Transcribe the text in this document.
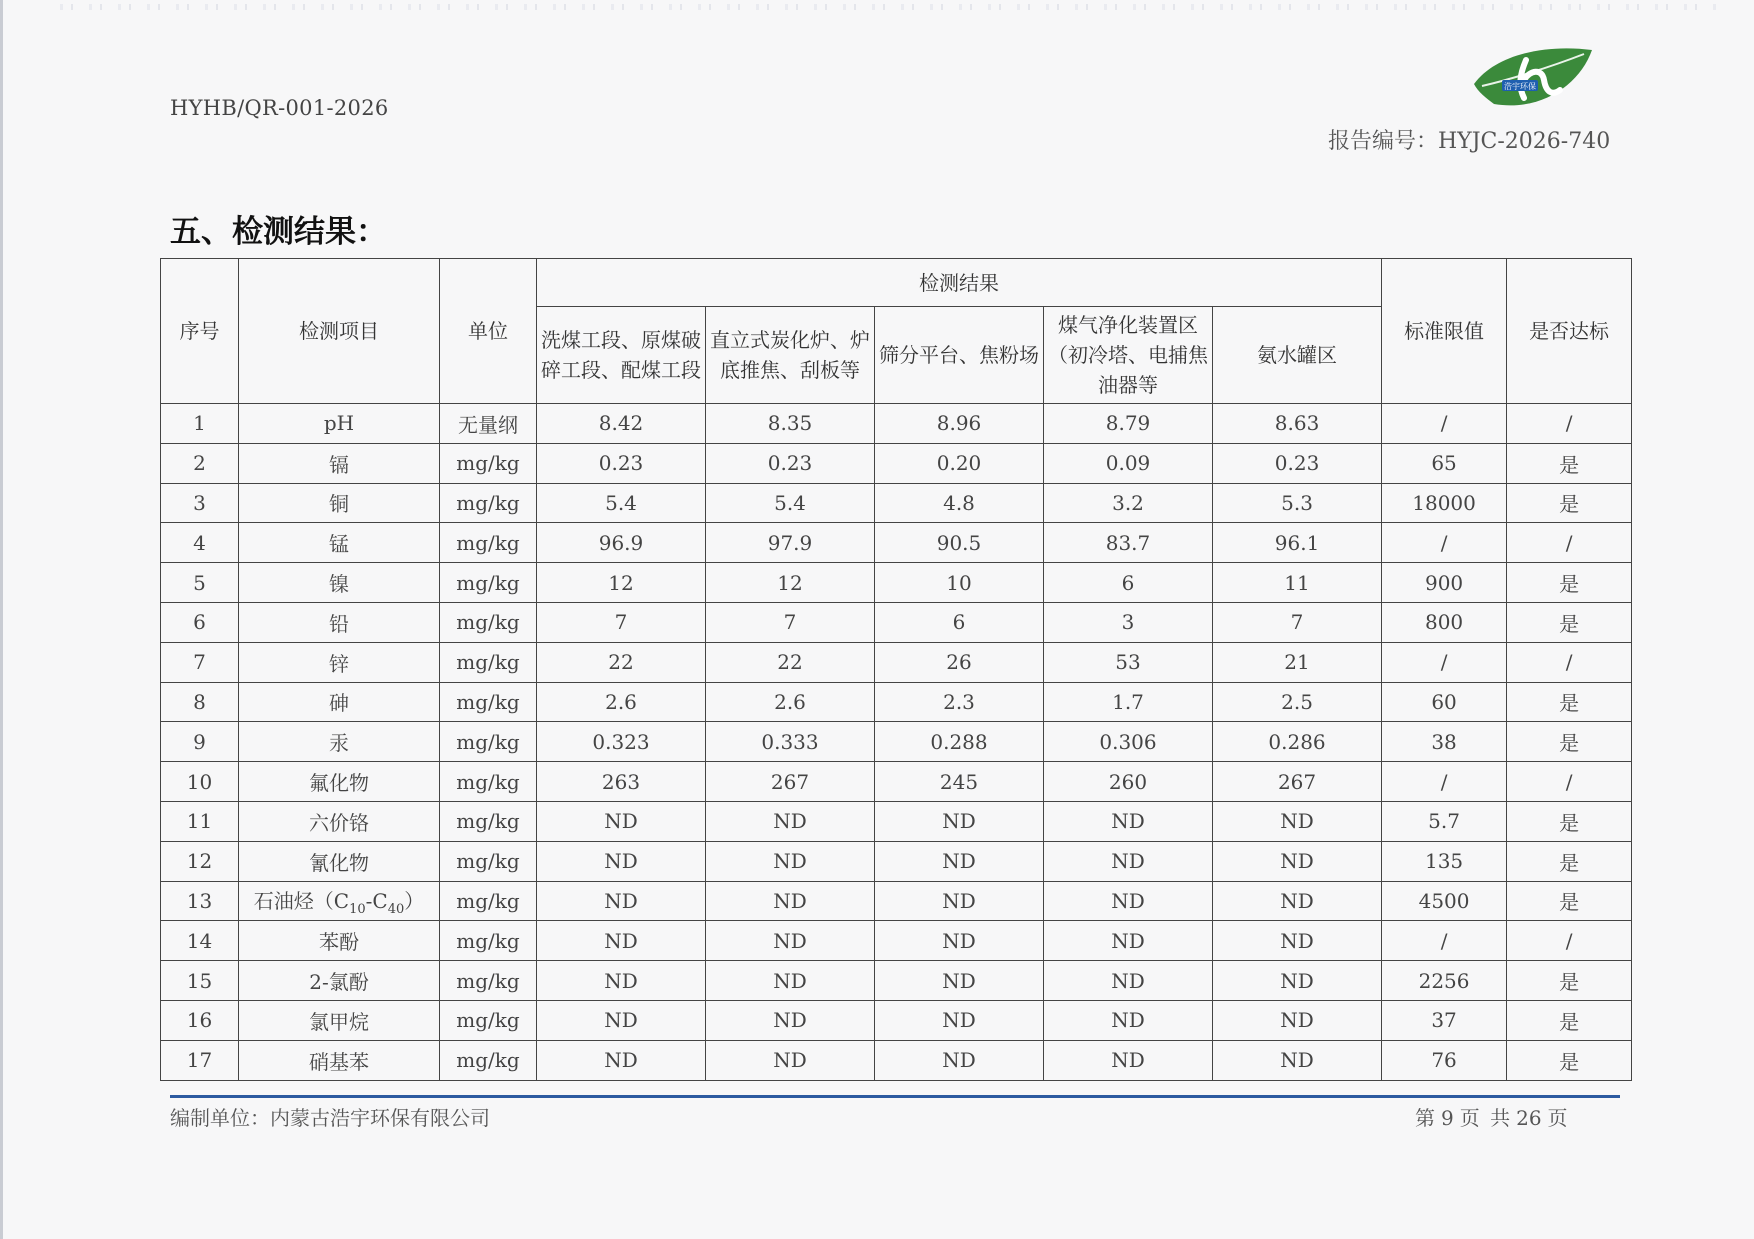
HYHB/QR-001-2026
浩宇环保
报告编号：HYJC-2026-740
五、检测结果：
序号	检测项目	单位	检测结果					标准限值	是否达标
			洗煤工段、原煤破碎工段、配煤工段	直立式炭化炉、炉底推焦、刮板等	筛分平台、焦粉场	煤气净化装置区（初冷塔、电捕焦油器等	氨水罐区		
1	pH	无量纲	8.42	8.35	8.96	8.79	8.63	/	/
2	镉	mg/kg	0.23	0.23	0.20	0.09	0.23	65	是
3	铜	mg/kg	5.4	5.4	4.8	3.2	5.3	18000	是
4	锰	mg/kg	96.9	97.9	90.5	83.7	96.1	/	/
5	镍	mg/kg	12	12	10	6	11	900	是
6	铅	mg/kg	7	7	6	3	7	800	是
7	锌	mg/kg	22	22	26	53	21	/	/
8	砷	mg/kg	2.6	2.6	2.3	1.7	2.5	60	是
9	汞	mg/kg	0.323	0.333	0.288	0.306	0.286	38	是
10	氟化物	mg/kg	263	267	245	260	267	/	/
11	六价铬	mg/kg	ND	ND	ND	ND	ND	5.7	是
12	氰化物	mg/kg	ND	ND	ND	ND	ND	135	是
13	石油烃$(C_{10}-C_{40})$	mg/kg	ND	ND	ND	ND	ND	4500	是
14	苯酚	mg/kg	ND	ND	ND	ND	ND	/	/
15	2-氯酚	mg/kg	ND	ND	ND	ND	ND	2256	是
16	氯甲烷	mg/kg	ND	ND	ND	ND	ND	37	是
17	硝基苯	mg/kg	ND	ND	ND	ND	ND	76	是
编制单位：内蒙古浩宇环保有限公司	第 9 页 共 26 页
